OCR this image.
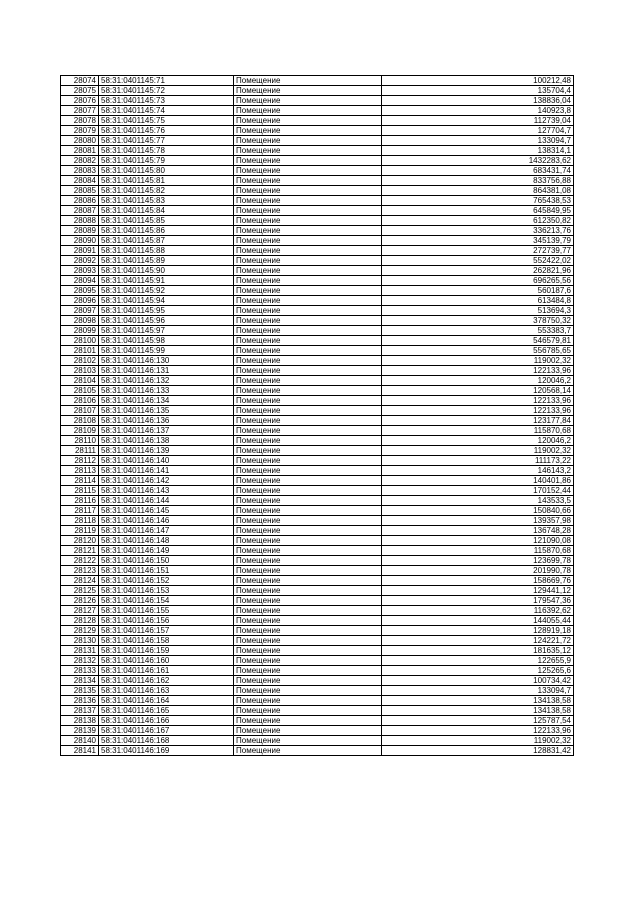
28074	58:31:0401145:71	Помещение	100212,48
28075	58:31:0401145:72	Помещение	135704,4
28076	58:31:0401145:73	Помещение	138836,04
28077	58:31:0401145:74	Помещение	140923,8
28078	58:31:0401145:75	Помещение	112739,04
28079	58:31:0401145:76	Помещение	127704,7
28080	58:31:0401145:77	Помещение	133094,7
28081	58:31:0401145:78	Помещение	138314,1
28082	58:31:0401145:79	Помещение	1432283,62
28083	58:31:0401145:80	Помещение	683431,74
28084	58:31:0401145:81	Помещение	833756,88
28085	58:31:0401145:82	Помещение	864381,08
28086	58:31:0401145:83	Помещение	765438,53
28087	58:31:0401145:84	Помещение	645849,95
28088	58:31:0401145:85	Помещение	612350,82
28089	58:31:0401145:86	Помещение	336213,76
28090	58:31:0401145:87	Помещение	345139,79
28091	58:31:0401145:88	Помещение	272739,77
28092	58:31:0401145:89	Помещение	552422,02
28093	58:31:0401145:90	Помещение	262821,96
28094	58:31:0401145:91	Помещение	696265,56
28095	58:31:0401145:92	Помещение	560187,6
28096	58:31:0401145:94	Помещение	613484,8
28097	58:31:0401145:95	Помещение	513694,3
28098	58:31:0401145:96	Помещение	378750,32
28099	58:31:0401145:97	Помещение	553383,7
28100	58:31:0401145:98	Помещение	546579,81
28101	58:31:0401145:99	Помещение	556785,65
28102	58:31:0401146:130	Помещение	119002,32
28103	58:31:0401146:131	Помещение	122133,96
28104	58:31:0401146:132	Помещение	120046,2
28105	58:31:0401146:133	Помещение	120568,14
28106	58:31:0401146:134	Помещение	122133,96
28107	58:31:0401146:135	Помещение	122133,96
28108	58:31:0401146:136	Помещение	123177,84
28109	58:31:0401146:137	Помещение	115870,68
28110	58:31:0401146:138	Помещение	120046,2
28111	58:31:0401146:139	Помещение	119002,32
28112	58:31:0401146:140	Помещение	111173,22
28113	58:31:0401146:141	Помещение	146143,2
28114	58:31:0401146:142	Помещение	140401,86
28115	58:31:0401146:143	Помещение	170152,44
28116	58:31:0401146:144	Помещение	143533,5
28117	58:31:0401146:145	Помещение	150840,66
28118	58:31:0401146:146	Помещение	139357,98
28119	58:31:0401146:147	Помещение	136748,28
28120	58:31:0401146:148	Помещение	121090,08
28121	58:31:0401146:149	Помещение	115870,68
28122	58:31:0401146:150	Помещение	123699,78
28123	58:31:0401146:151	Помещение	201990,78
28124	58:31:0401146:152	Помещение	158669,76
28125	58:31:0401146:153	Помещение	129441,12
28126	58:31:0401146:154	Помещение	179547,36
28127	58:31:0401146:155	Помещение	116392,62
28128	58:31:0401146:156	Помещение	144055,44
28129	58:31:0401146:157	Помещение	128919,18
28130	58:31:0401146:158	Помещение	124221,72
28131	58:31:0401146:159	Помещение	181635,12
28132	58:31:0401146:160	Помещение	122655,9
28133	58:31:0401146:161	Помещение	125265,6
28134	58:31:0401146:162	Помещение	100734,42
28135	58:31:0401146:163	Помещение	133094,7
28136	58:31:0401146:164	Помещение	134138,58
28137	58:31:0401146:165	Помещение	134138,58
28138	58:31:0401146:166	Помещение	125787,54
28139	58:31:0401146:167	Помещение	122133,96
28140	58:31:0401146:168	Помещение	119002,32
28141	58:31:0401146:169	Помещение	128831,42
